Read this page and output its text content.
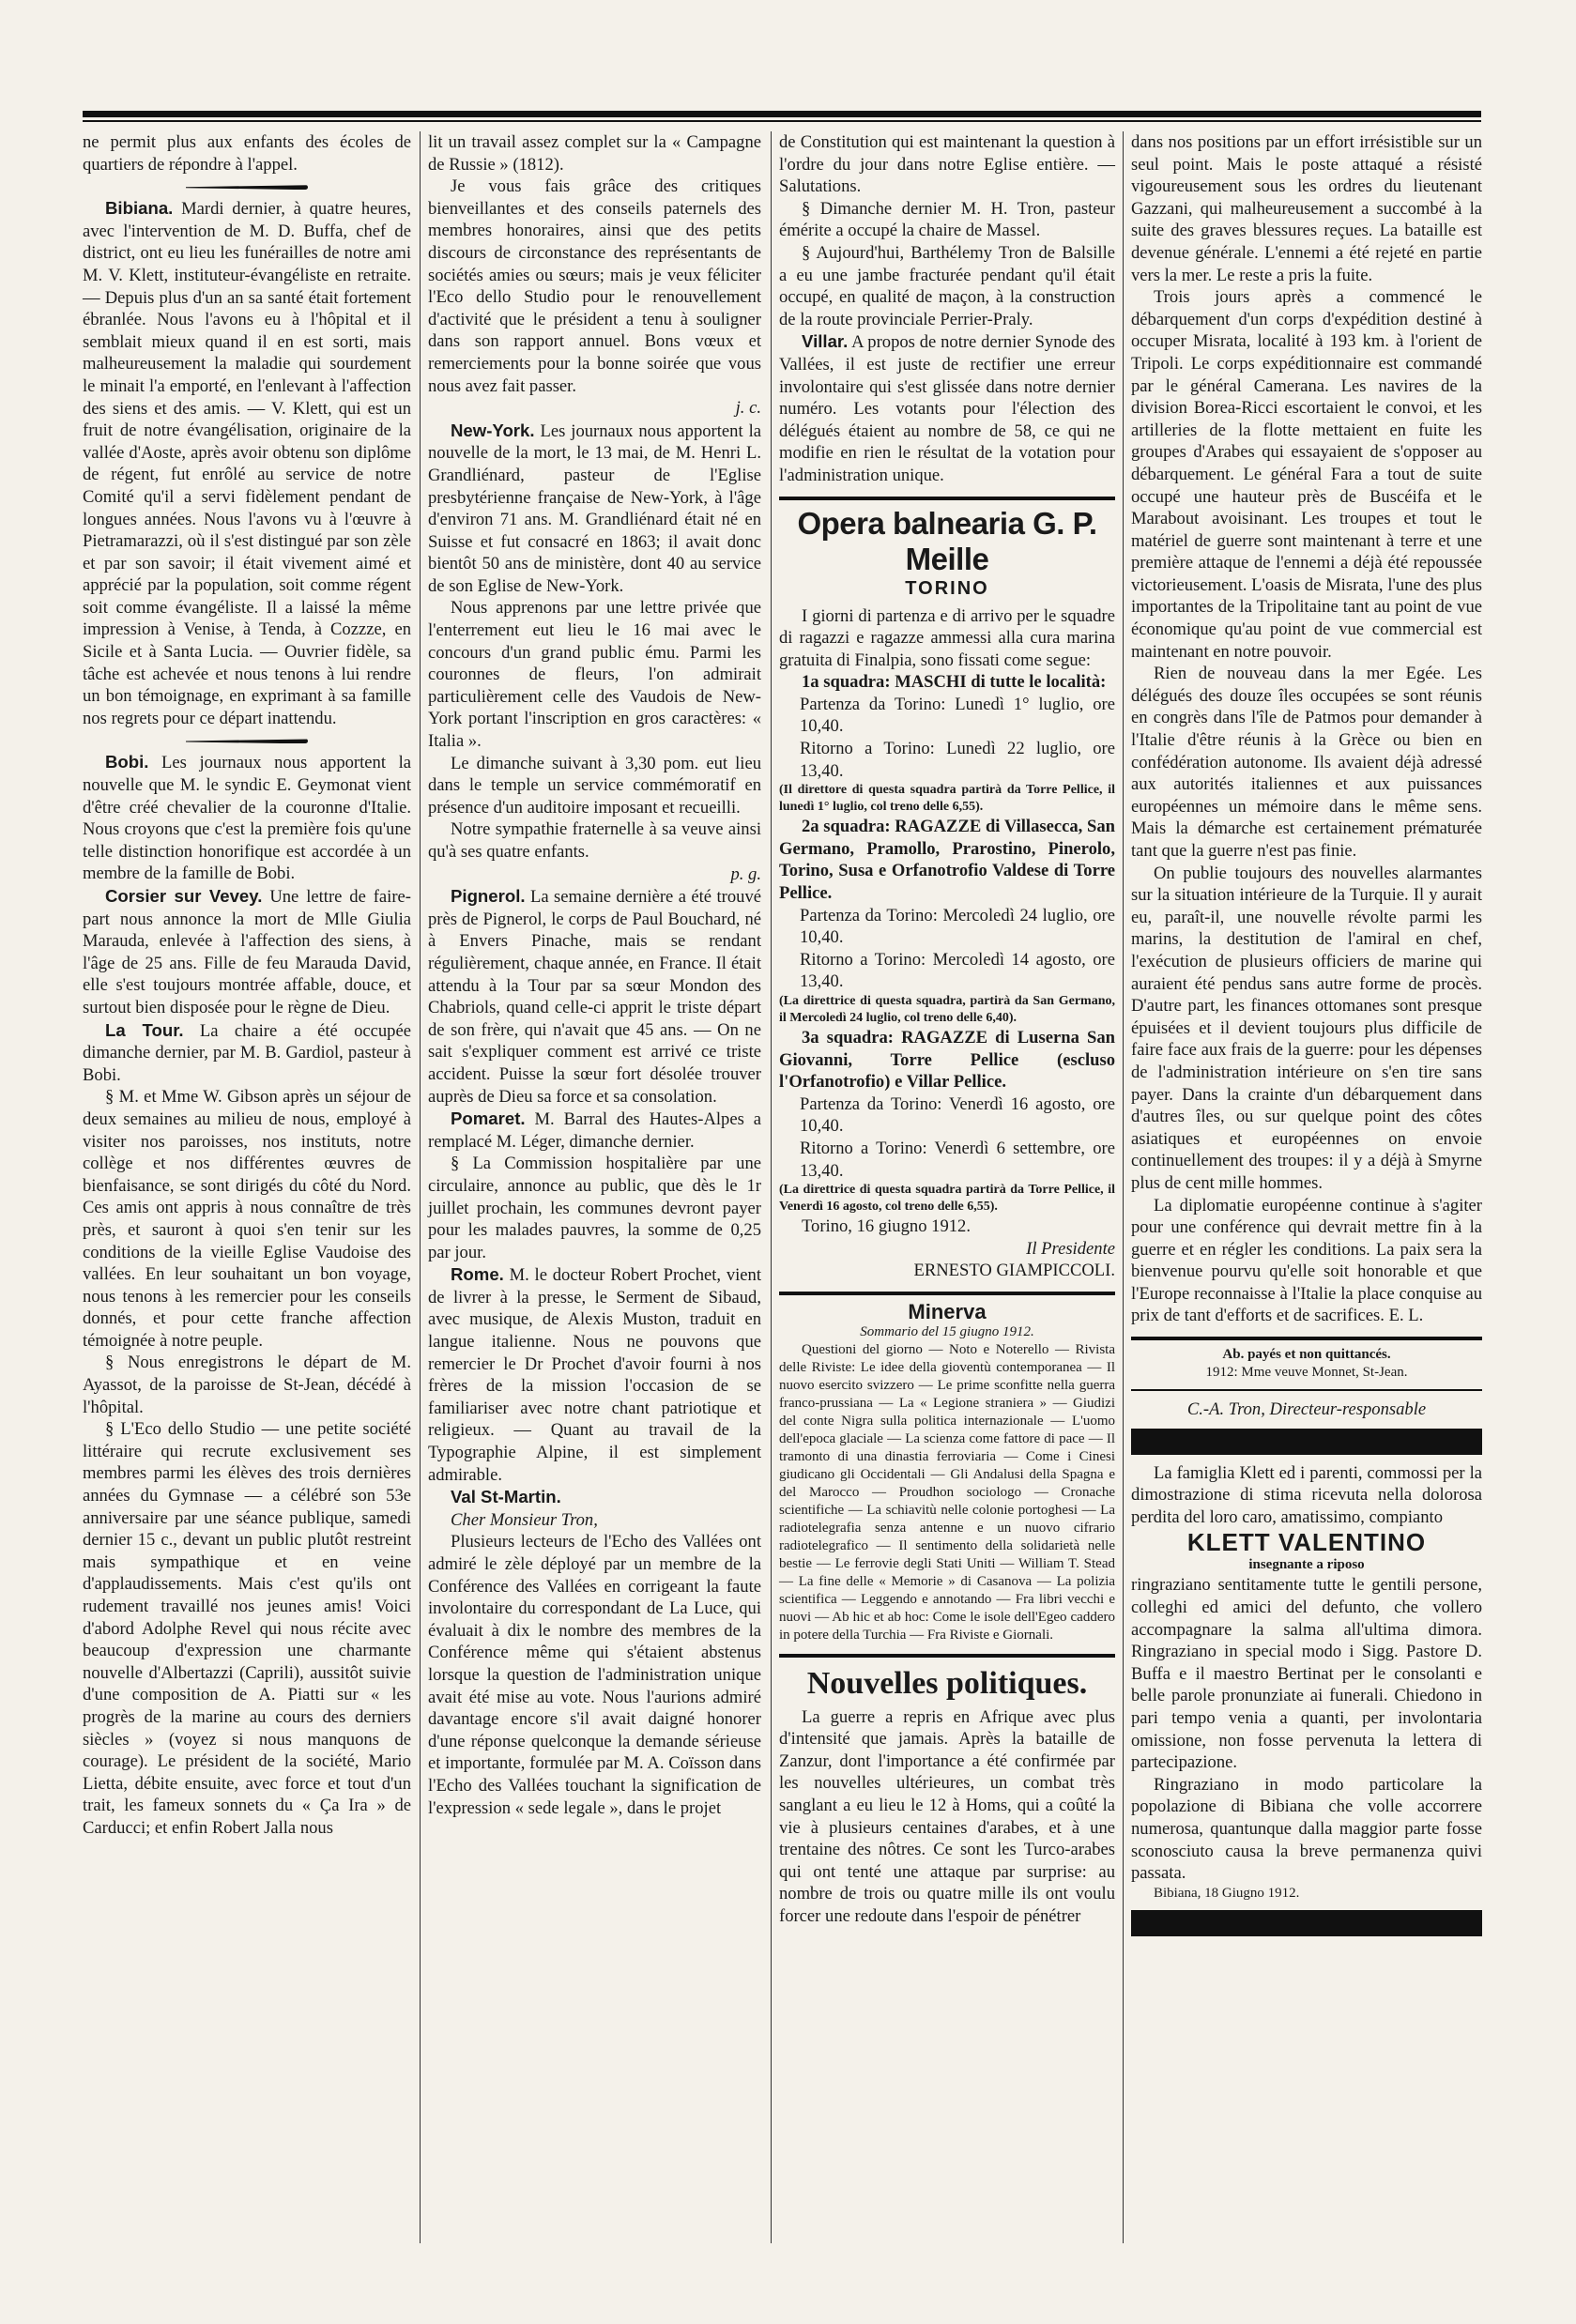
ne permit plus aux enfants des écoles de quartiers de répondre à l'appel.

Bibiana. Mardi dernier, à quatre heures, avec l'intervention de M. D. Buffa, chef de district, ont eu lieu les funérailles de notre ami M. V. Klett, instituteur-évangéliste en retraite. — Depuis plus d'un an sa santé était fortement ébranlée. Nous l'avons eu à l'hôpital et il semblait mieux quand il en est sorti, mais malheureusement la maladie qui sourdement le minait l'a emporté, en l'enlevant à l'affection des siens et des amis. — V. Klett, qui est un fruit de notre évangélisation, originaire de la vallée d'Aoste, après avoir obtenu son diplôme de régent, fut enrôlé au service de notre Comité qu'il a servi fidèlement pendant de longues années. Nous l'avons vu à l'œuvre à Pietramarazzi, où il s'est distingué par son zèle et par son savoir; il était vivement aimé et apprécié par la population, soit comme régent soit comme évangéliste. Il a laissé la même impression à Venise, à Tenda, à Cozzze, en Sicile et à Santa Lucia. — Ouvrier fidèle, sa tâche est achevée et nous tenons à lui rendre un bon témoignage, en exprimant à sa famille nos regrets pour ce départ inattendu.

Bobi. Les journaux nous apportent la nouvelle que M. le syndic E. Geymonat vient d'être créé chevalier de la couronne d'Italie. Nous croyons que c'est la première fois qu'une telle distinction honorifique est accordée à un membre de la famille de Bobi.

Corsier sur Vevey. Une lettre de faire-part nous annonce la mort de Mlle Giulia Marauda, enlevée à l'affection des siens, à l'âge de 25 ans. Fille de feu Marauda David, elle s'est toujours montrée affable, douce, et surtout bien disposée pour le règne de Dieu.

La Tour. La chaire a été occupée dimanche dernier, par M. B. Gardiol, pasteur à Bobi.

§ M. et Mme W. Gibson après un séjour de deux semaines au milieu de nous, employé à visiter nos paroisses, nos instituts, notre collège et nos différentes œuvres de bienfaisance, se sont dirigés du côté du Nord. Ces amis ont appris à nous connaître de très près, et sauront à quoi s'en tenir sur les conditions de la vieille Eglise Vaudoise des vallées. En leur souhaitant un bon voyage, nous tenons à les remercier pour les conseils donnés, et pour cette franche affection témoignée à notre peuple.

§ Nous enregistrons le départ de M. Ayassot, de la paroisse de St-Jean, décédé à l'hôpital.

§ L'Eco dello Studio — une petite société littéraire qui recrute exclusivement ses membres parmi les élèves des trois dernières années du Gymnase — a célébré son 53e anniversaire par une séance publique, samedi dernier 15 c., devant un public plutôt restreint mais sympathique et en veine d'applaudissements. Mais c'est qu'ils ont rudement travaillé nos jeunes amis! Voici d'abord Adolphe Revel qui nous récite avec beaucoup d'expression une charmante nouvelle d'Albertazzi (Caprili), aussitôt suivie d'une composition de A. Piatti sur « les progrès de la marine au cours des derniers siècles » (voyez si nous manquons de courage). Le président de la société, Mario Lietta, débite ensuite, avec force et tout d'un trait, les fameux sonnets du « Ça Ira » de Carducci; et enfin Robert Jalla nous

lit un travail assez complet sur la « Campagne de Russie » (1812).

Je vous fais grâce des critiques bienveillantes et des conseils paternels des membres honoraires, ainsi que des petits discours de circonstance des représentants de sociétés amies ou sœurs; mais je veux féliciter l'Eco dello Studio pour le renouvellement d'activité que le président a tenu à souligner dans son rapport annuel. Bons vœux et remerciements pour la bonne soirée que vous nous avez fait passer.

j. c.

New-York. Les journaux nous apportent la nouvelle de la mort, le 13 mai, de M. Henri L. Grandliénard, pasteur de l'Eglise presbytérienne française de New-York, à l'âge d'environ 71 ans. M. Grandliénard était né en Suisse et fut consacré en 1863; il avait donc bientôt 50 ans de ministère, dont 40 au service de son Eglise de New-York.

Nous apprenons par une lettre privée que l'enterrement eut lieu le 16 mai avec le concours d'un grand public ému. Parmi les couronnes de fleurs, l'on admirait particulièrement celle des Vaudois de New-York portant l'inscription en gros caractères: « Italia ».

Le dimanche suivant à 3,30 pom. eut lieu dans le temple un service commémoratif en présence d'un auditoire imposant et recueilli.

Notre sympathie fraternelle à sa veuve ainsi qu'à ses quatre enfants.

p. g.

Pignerol. La semaine dernière a été trouvé près de Pignerol, le corps de Paul Bouchard, né à Envers Pinache, mais se rendant régulièrement, chaque année, en France. Il était attendu à la Tour par sa sœur Mondon des Chabriols, quand celle-ci apprit le triste départ de son frère, qui n'avait que 45 ans. — On ne sait s'expliquer comment est arrivé ce triste accident. Puisse la sœur fort désolée trouver auprès de Dieu sa force et sa consolation.

Pomaret. M. Barral des Hautes-Alpes a remplacé M. Léger, dimanche dernier.

§ La Commission hospitalière par une circulaire, annonce au public, que dès le 1r juillet prochain, les communes devront payer pour les malades pauvres, la somme de 0,25 par jour.

Rome. M. le docteur Robert Prochet, vient de livrer à la presse, le Serment de Sibaud, avec musique, de Alexis Muston, traduit en langue italienne. Nous ne pouvons que remercier le Dr Prochet d'avoir fourni à nos frères de la mission l'occasion de se familiariser avec notre chant patriotique et religieux. — Quant au travail de la Typographie Alpine, il est simplement admirable.

Val St-Martin.

Cher Monsieur Tron,

Plusieurs lecteurs de l'Echo des Vallées ont admiré le zèle déployé par un membre de la Conférence des Vallées en corrigeant la faute involontaire du correspondant de La Luce, qui évaluait à dix le nombre des membres de la Conférence même qui s'étaient abstenus lorsque la question de l'administration unique avait été mise au vote. Nous l'aurions admiré davantage encore s'il avait daigné honorer d'une réponse quelconque la demande sérieuse et importante, formulée par M. A. Coïsson dans l'Echo des Vallées touchant la signification de l'expression « sede legale », dans le projet

de Constitution qui est maintenant la question à l'ordre du jour dans notre Eglise entière. — Salutations.

§ Dimanche dernier M. H. Tron, pasteur émérite a occupé la chaire de Massel.

§ Aujourd'hui, Barthélemy Tron de Balsille a eu une jambe fracturée pendant qu'il était occupé, en qualité de maçon, à la construction de la route provinciale Perrier-Praly.

Villar. A propos de notre dernier Synode des Vallées, il est juste de rectifier une erreur involontaire qui s'est glissée dans notre dernier numéro. Les votants pour l'élection des délégués étaient au nombre de 58, ce qui ne modifie en rien le résultat de la votation pour l'administration unique.

Opera balnearia G. P. Meille
TORINO

I giorni di partenza e di arrivo per le squadre di ragazzi e ragazze ammessi alla cura marina gratuita di Finalpia, sono fissati come segue:

1a squadra: MASCHI di tutte le località:

Partenza da Torino: Lunedì 1° luglio, ore 10,40.

Ritorno a Torino: Lunedì 22 luglio, ore 13,40.

(Il direttore di questa squadra partirà da Torre Pellice, il lunedì 1° luglio, col treno delle 6,55).

2a squadra: RAGAZZE di Villasecca, San Germano, Pramollo, Prarostino, Pinerolo, Torino, Susa e Orfanotrofio Valdese di Torre Pellice.

Partenza da Torino: Mercoledì 24 luglio, ore 10,40.

Ritorno a Torino: Mercoledì 14 agosto, ore 13,40.

(La direttrice di questa squadra, partirà da San Germano, il Mercoledì 24 luglio, col treno delle 6,40).

3a squadra: RAGAZZE di Luserna San Giovanni, Torre Pellice (escluso l'Orfanotrofio) e Villar Pellice.

Partenza da Torino: Venerdì 16 agosto, ore 10,40.

Ritorno a Torino: Venerdì 6 settembre, ore 13,40.

(La direttrice di questa squadra partirà da Torre Pellice, il Venerdì 16 agosto, col treno delle 6,55).

Torino, 16 giugno 1912.

Il Presidente

ERNESTO GIAMPICCOLI.

Minerva

Sommario del 15 giugno 1912.

Questioni del giorno — Noto e Noterello — Rivista delle Riviste: Le idee della gioventù contemporanea — Il nuovo esercito svizzero — Le prime sconfitte nella guerra franco-prussiana — La « Legione straniera » — Giudizi del conte Nigra sulla politica internazionale — L'uomo dell'epoca glaciale — La scienza come fattore di pace — Il tramonto di una dinastia ferroviaria — Come i Cinesi giudicano gli Occidentali — Gli Andalusi della Spagna e del Marocco — Proudhon sociologo — Cronache scientifiche — La schiavitù nelle colonie portoghesi — La radiotelegrafia senza antenne e un nuovo cifrario radiotelegrafico — Il sentimento della solidarietà nelle bestie — Le ferrovie degli Stati Uniti — William T. Stead — La fine delle « Memorie » di Casanova — La polizia scientifica — Leggendo e annotando — Fra libri vecchi e nuovi — Ab hic et ab hoc: Come le isole dell'Egeo caddero in potere della Turchia — Fra Riviste e Giornali.

Nouvelles politiques.

La guerre a repris en Afrique avec plus d'intensité que jamais. Après la bataille de Zanzur, dont l'importance a été confirmée par les nouvelles ultérieures, un combat très sanglant a eu lieu le 12 à Homs, qui a coûté la vie à plusieurs centaines d'arabes, et à une trentaine des nôtres. Ce sont les Turco-arabes qui ont tenté une attaque par surprise: au nombre de trois ou quatre mille ils ont voulu forcer une redoute dans l'espoir de pénétrer

dans nos positions par un effort irrésistible sur un seul point. Mais le poste attaqué a résisté vigoureusement sous les ordres du lieutenant Gazzani, qui malheureusement a succombé à la suite des graves blessures reçues. La bataille est devenue générale. L'ennemi a été rejeté en partie vers la mer. Le reste a pris la fuite.

Trois jours après a commencé le débarquement d'un corps d'expédition destiné à occuper Misrata, localité à 193 km. à l'orient de Tripoli. Le corps expéditionnaire est commandé par le général Camerana. Les navires de la division Borea-Ricci escortaient le convoi, et les artilleries de la flotte mettaient en fuite les groupes d'Arabes qui essayaient de s'opposer au débarquement. Le général Fara a tout de suite occupé une hauteur près de Buscéifa et le Marabout avoisinant. Les troupes et tout le matériel de guerre sont maintenant à terre et une première attaque de l'ennemi a déjà été repoussée victorieusement. L'oasis de Misrata, l'une des plus importantes de la Tripolitaine tant au point de vue économique qu'au point de vue commercial est maintenant en notre pouvoir.

Rien de nouveau dans la mer Egée. Les délégués des douze îles occupées se sont réunis en congrès dans l'île de Patmos pour demander à l'Italie d'être réunis à la Grèce ou bien en confédération autonome. Ils avaient déjà adressé aux autorités italiennes et aux puissances européennes un mémoire dans le même sens. Mais la démarche est certainement prématurée tant que la guerre n'est pas finie.

On publie toujours des nouvelles alarmantes sur la situation intérieure de la Turquie. Il y aurait eu, paraît-il, une nouvelle révolte parmi les marins, la destitution de l'amiral en chef, l'exécution de plusieurs officiers de marine qui auraient été pendus sans autre forme de procès. D'autre part, les finances ottomanes sont presque épuisées et il devient toujours plus difficile de faire face aux frais de la guerre: pour les dépenses de l'administration intérieure on s'en tire sans payer. Dans la crainte d'un débarquement dans d'autres îles, ou sur quelque point des côtes asiatiques et européennes on envoie continuellement des troupes: il y a déjà à Smyrne plus de cent mille hommes.

La diplomatie européenne continue à s'agiter pour une conférence qui devrait mettre fin à la guerre et en régler les conditions. La paix sera la bienvenue pourvu qu'elle soit honorable et que l'Europe reconnaisse à l'Italie la place conquise au prix de tant d'efforts et de sacrifices. E. L.

Ab. payés et non quittancés.

1912: Mme veuve Monnet, St-Jean.

C.-A. Tron, Directeur-responsable

La famiglia Klett ed i parenti, commossi per la dimostrazione di stima ricevuta nella dolorosa perdita del loro caro, amatissimo, compianto

KLETT VALENTINO

insegnante a riposo

ringraziano sentitamente tutte le gentili persone, colleghi ed amici del defunto, che vollero accompagnare la salma all'ultima dimora. Ringraziano in special modo i Sigg. Pastore D. Buffa e il maestro Bertinat per le consolanti e belle parole pronunziate ai funerali. Chiedono in pari tempo venia a quanti, per involontaria omissione, non fosse pervenuta la lettera di partecipazione.

Ringraziano in modo particolare la popolazione di Bibiana che volle accorrere numerosa, quantunque dalla maggior parte fosse sconosciuto causa la breve permanenza quivi passata.

Bibiana, 18 Giugno 1912.
